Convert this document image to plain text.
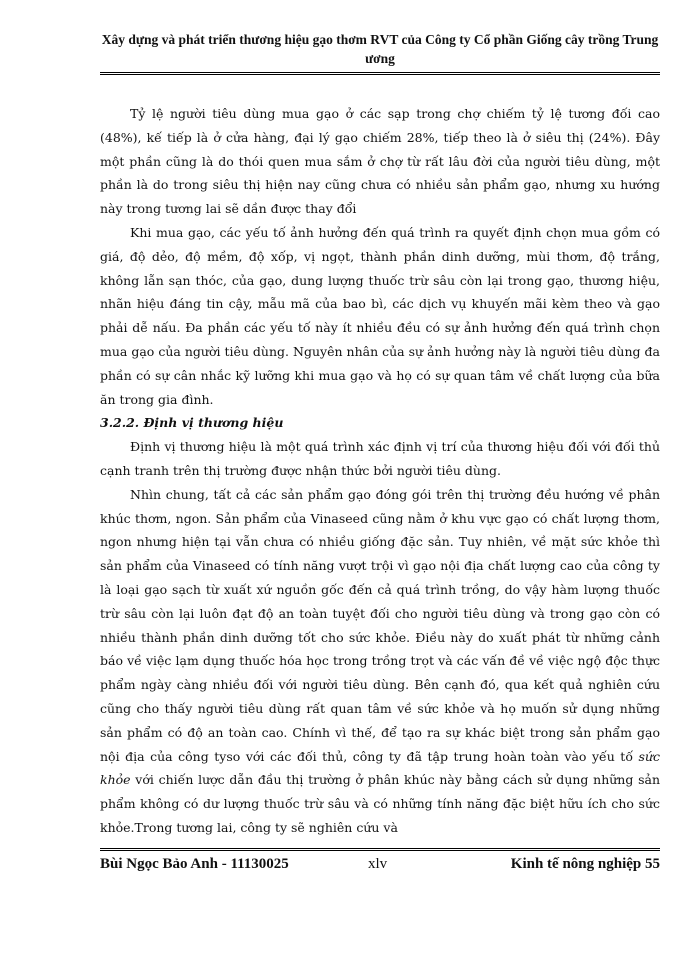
Xây dựng và phát triển thương hiệu gạo thơm RVT của Công ty Cổ phần Giống cây trồng Trung ương

Tỷ lệ người tiêu dùng mua gạo ở các sạp trong chợ chiếm tỷ lệ tương đối cao (48%), kế tiếp là ở cửa hàng, đại lý gạo chiếm 28%, tiếp theo là ở siêu thị (24%). Đây một phần cũng là do thói quen mua sắm ở chợ từ rất lâu đời của người tiêu dùng, một phần là do trong siêu thị hiện nay cũng chưa có nhiều sản phẩm gạo, nhưng xu hướng này trong tương lai sẽ dần được thay đổi

Khi mua gạo, các yếu tố ảnh hưởng đến quá trình ra quyết định chọn mua gồm có giá, độ dẻo, độ mềm, độ xốp, vị ngọt, thành phần dinh dưỡng, mùi thơm, độ trắng, không lẫn sạn thóc, của gạo, dung lượng thuốc trừ sâu còn lại trong gạo, thương hiệu, nhãn hiệu đáng tin cậy, mẫu mã của bao bì, các dịch vụ khuyến mãi kèm theo và gạo phải dễ nấu. Đa phần các yếu tố này ít nhiều đều có sự ảnh hưởng đến quá trình chọn mua gạo của người tiêu dùng. Nguyên nhân của sự ảnh hưởng này là người tiêu dùng đa phần có sự cân nhắc kỹ lưỡng khi mua gạo và họ có sự quan tâm về chất lượng của bữa ăn trong gia đình.

3.2.2. Định vị thương hiệu

Định vị thương hiệu là một quá trình xác định vị trí của thương hiệu đối với đối thủ cạnh tranh trên thị trường được nhận thức bởi người tiêu dùng.

Nhìn chung, tất cả các sản phẩm gạo đóng gói trên thị trường đều hướng về phân khúc thơm, ngon. Sản phẩm của Vinaseed cũng nằm ở khu vực gạo có chất lượng thơm, ngon nhưng hiện tại vẫn chưa có nhiều giống đặc sản. Tuy nhiên, về mặt sức khỏe thì sản phẩm của Vinaseed có tính năng vượt trội vì gạo nội địa chất lượng cao của công ty là loại gạo sạch từ xuất xứ nguồn gốc đến cả quá trình trồng, do vậy hàm lượng thuốc trừ sâu còn lại luôn đạt độ an toàn tuyệt đối cho người tiêu dùng và trong gạo còn có nhiều thành phần dinh dưỡng tốt cho sức khỏe. Điều này do xuất phát từ những cảnh báo về việc lạm dụng thuốc hóa học trong trồng trọt và các vấn đề về việc ngộ độc thực phẩm ngày càng nhiều đối với người tiêu dùng. Bên cạnh đó, qua kết quả nghiên cứu cũng cho thấy người tiêu dùng rất quan tâm về sức khỏe và họ muốn sử dụng những sản phẩm có độ an toàn cao. Chính vì thế, để tạo ra sự khác biệt trong sản phẩm gạo nội địa của công tyso với các đối thủ, công ty đã tập trung hoàn toàn vào yếu tố sức khỏe với chiến lược dẫn đầu thị trường ở phân khúc này bằng cách sử dụng những sản phẩm không có dư lượng thuốc trừ sâu và có những tính năng đặc biệt hữu ích cho sức khỏe.Trong tương lai, công ty sẽ nghiên cứu và

Bùi Ngọc Bảo Anh - 11130025	xlv	Kinh tế nông nghiệp 55
